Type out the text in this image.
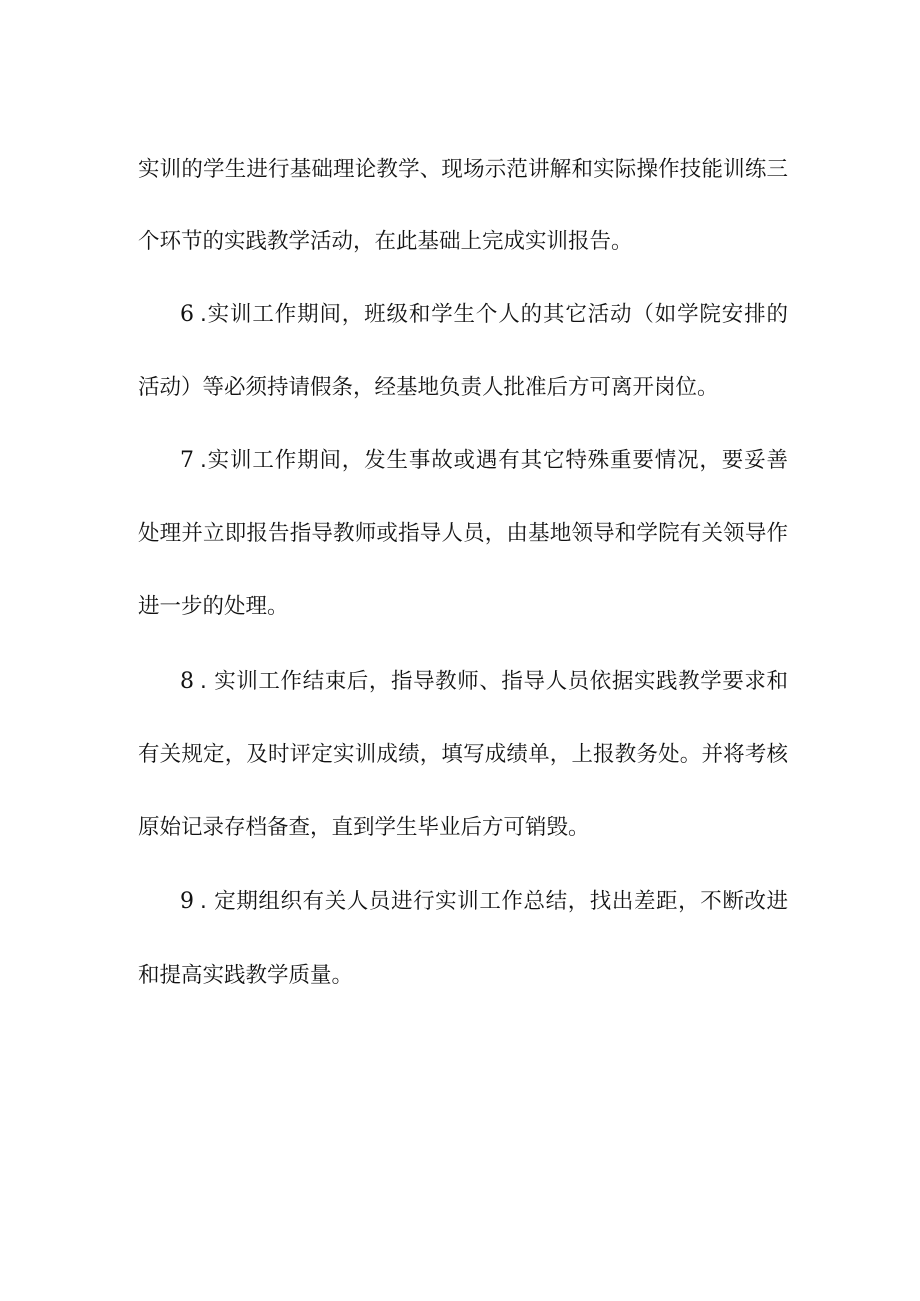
实训的学生进行基础理论教学、现场示范讲解和实际操作技能训练三
个环节的实践教学活动，在此基础上完成实训报告。
6 .实训工作期间，班级和学生个人的其它活动（如学院安排的
活动）等必须持请假条，经基地负责人批准后方可离开岗位。
7 .实训工作期间，发生事故或遇有其它特殊重要情况，要妥善
处理并立即报告指导教师或指导人员，由基地领导和学院有关领导作
进一步的处理。
8 . 实训工作结束后，指导教师、指导人员依据实践教学要求和
有关规定，及时评定实训成绩，填写成绩单，上报教务处。并将考核
原始记录存档备查，直到学生毕业后方可销毁。
9 . 定期组织有关人员进行实训工作总结，找出差距，不断改进
和提高实践教学质量。
